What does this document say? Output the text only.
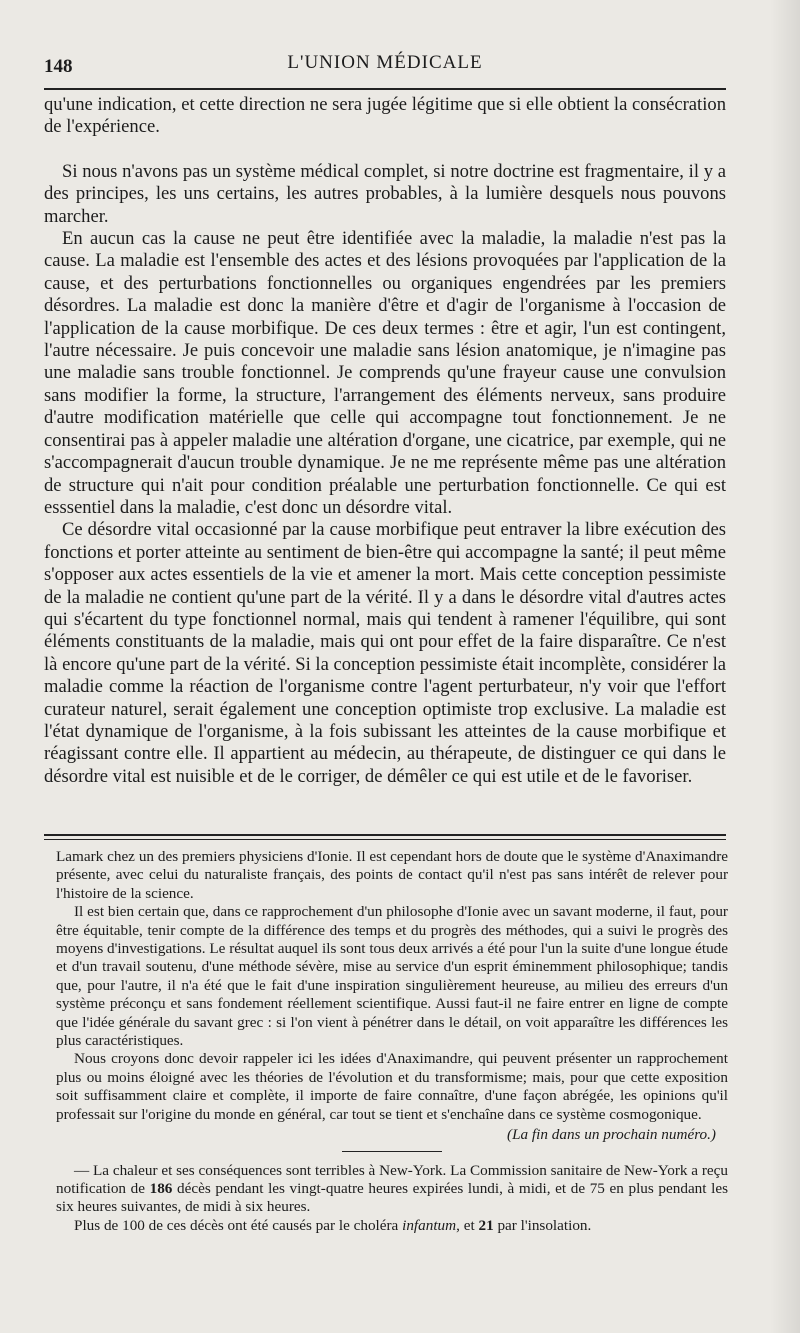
148	L'UNION MÉDICALE

qu'une indication, et cette direction ne sera jugée légitime que si elle obtient la consécration de l'expérience.

Si nous n'avons pas un système médical complet, si notre doctrine est fragmentaire, il y a des principes, les uns certains, les autres probables, à la lumière desquels nous pouvons marcher.

En aucun cas la cause ne peut être identifiée avec la maladie, la maladie n'est pas la cause. La maladie est l'ensemble des actes et des lésions provoquées par l'application de la cause, et des perturbations fonctionnelles ou organiques engendrées par les premiers désordres. La maladie est donc la manière d'être et d'agir de l'organisme à l'occasion de l'application de la cause morbifique. De ces deux termes : être et agir, l'un est contingent, l'autre nécessaire. Je puis concevoir une maladie sans lésion anatomique, je n'imagine pas une maladie sans trouble fonctionnel. Je comprends qu'une frayeur cause une convulsion sans modifier la forme, la structure, l'arrangement des éléments nerveux, sans produire d'autre modification matérielle que celle qui accompagne tout fonctionnement. Je ne consentirai pas à appeler maladie une altération d'organe, une cicatrice, par exemple, qui ne s'accompagnerait d'aucun trouble dynamique. Je ne me représente même pas une altération de structure qui n'ait pour condition préalable une perturbation fonctionnelle. Ce qui est esssentiel dans la maladie, c'est donc un désordre vital.

Ce désordre vital occasionné par la cause morbifique peut entraver la libre exécution des fonctions et porter atteinte au sentiment de bien-être qui accompagne la santé; il peut même s'opposer aux actes essentiels de la vie et amener la mort. Mais cette conception pessimiste de la maladie ne contient qu'une part de la vérité. Il y a dans le désordre vital d'autres actes qui s'écartent du type fonctionnel normal, mais qui tendent à ramener l'équilibre, qui sont éléments constituants de la maladie, mais qui ont pour effet de la faire disparaître. Ce n'est là encore qu'une part de la vérité. Si la conception pessimiste était incomplète, considérer la maladie comme la réaction de l'organisme contre l'agent perturbateur, n'y voir que l'effort curateur naturel, serait également une conception optimiste trop exclusive. La maladie est l'état dynamique de l'organisme, à la fois subissant les atteintes de la cause morbifique et réagissant contre elle. Il appartient au médecin, au thérapeute, de distinguer ce qui dans le désordre vital est nuisible et de le corriger, de démêler ce qui est utile et de le favoriser.

Lamark chez un des premiers physiciens d'Ionie. Il est cependant hors de doute que le système d'Anaximandre présente, avec celui du naturaliste français, des points de contact qu'il n'est pas sans intérêt de relever pour l'histoire de la science.

Il est bien certain que, dans ce rapprochement d'un philosophe d'Ionie avec un savant moderne, il faut, pour être équitable, tenir compte de la différence des temps et du progrès des méthodes, qui a suivi le progrès des moyens d'investigations. Le résultat auquel ils sont tous deux arrivés a été pour l'un la suite d'une longue étude et d'un travail soutenu, d'une méthode sévère, mise au service d'un esprit éminemment philosophique; tandis que, pour l'autre, il n'a été que le fait d'une inspiration singulièrement heureuse, au milieu des erreurs d'un système préconçu et sans fondement réellement scientifique. Aussi faut-il ne faire entrer en ligne de compte que l'idée générale du savant grec : si l'on vient à pénétrer dans le détail, on voit apparaître les différences les plus caractéristiques.

Nous croyons donc devoir rappeler ici les idées d'Anaximandre, qui peuvent présenter un rapprochement plus ou moins éloigné avec les théories de l'évolution et du transformisme; mais, pour que cette exposition soit suffisamment claire et complète, il importe de faire connaître, d'une façon abrégée, les opinions qu'il professait sur l'origine du monde en général, car tout se tient et s'enchaîne dans ce système cosmogonique.

(La fin dans un prochain numéro.)

— La chaleur et ses conséquences sont terribles à New-York. La Commission sanitaire de New-York a reçu notification de 186 décès pendant les vingt-quatre heures expirées lundi, à midi, et de 75 en plus pendant les six heures suivantes, de midi à six heures.

Plus de 100 de ces décès ont été causés par le choléra infantum, et 21 par l'insolation.
